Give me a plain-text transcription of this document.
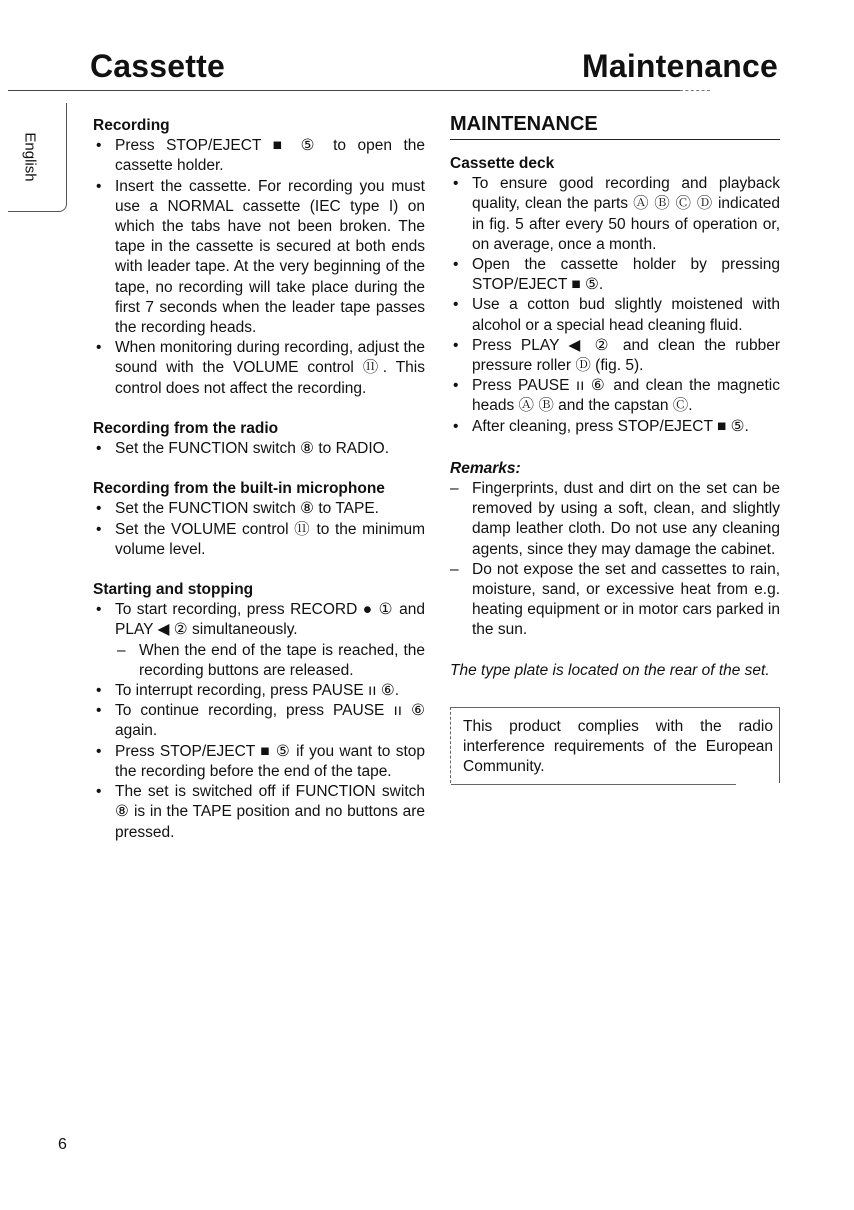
Cassette	Maintenance
English
Recording
• Press STOP/EJECT ■ ⑤ to open the cassette holder.
• Insert the cassette. For recording you must use a NORMAL cassette (IEC type I) on which the tabs have not been broken. The tape in the cassette is secured at both ends with leader tape. At the very beginning of the tape, no recording will take place during the first 7 seconds when the leader tape passes the recording heads.
• When monitoring during recording, adjust the sound with the VOLUME control ⑪. This control does not affect the recording.
Recording from the radio
• Set the FUNCTION switch ⑧ to RADIO.
Recording from the built-in microphone
• Set the FUNCTION switch ⑧ to TAPE.
• Set the VOLUME control ⑪ to the minimum volume level.
Starting and stopping
• To start recording, press RECORD ● ① and PLAY ◀ ② simultaneously.
– When the end of the tape is reached, the recording buttons are released.
• To interrupt recording, press PAUSE ıı ⑥.
• To continue recording, press PAUSE ıı ⑥ again.
• Press STOP/EJECT ■ ⑤ if you want to stop the recording before the end of the tape.
• The set is switched off if FUNCTION switch ⑧ is in the TAPE position and no buttons are pressed.
MAINTENANCE
Cassette deck
• To ensure good recording and playback quality, clean the parts Ⓐ Ⓑ Ⓒ Ⓓ indicated in fig. 5 after every 50 hours of operation or, on average, once a month.
• Open the cassette holder by pressing STOP/EJECT ■ ⑤.
• Use a cotton bud slightly moistened with alcohol or a special head cleaning fluid.
• Press PLAY ◀ ② and clean the rubber pressure roller Ⓓ (fig. 5).
• Press PAUSE ıı ⑥ and clean the magnetic heads Ⓐ Ⓑ and the capstan Ⓒ.
• After cleaning, press STOP/EJECT ■ ⑤.
Remarks:
– Fingerprints, dust and dirt on the set can be removed by using a soft, clean, and slightly damp leather cloth. Do not use any cleaning agents, since they may damage the cabinet.
– Do not expose the set and cassettes to rain, moisture, sand, or excessive heat from e.g. heating equipment or in motor cars parked in the sun.
The type plate is located on the rear of the set.

This product complies with the radio interference requirements of the European Community.

6
